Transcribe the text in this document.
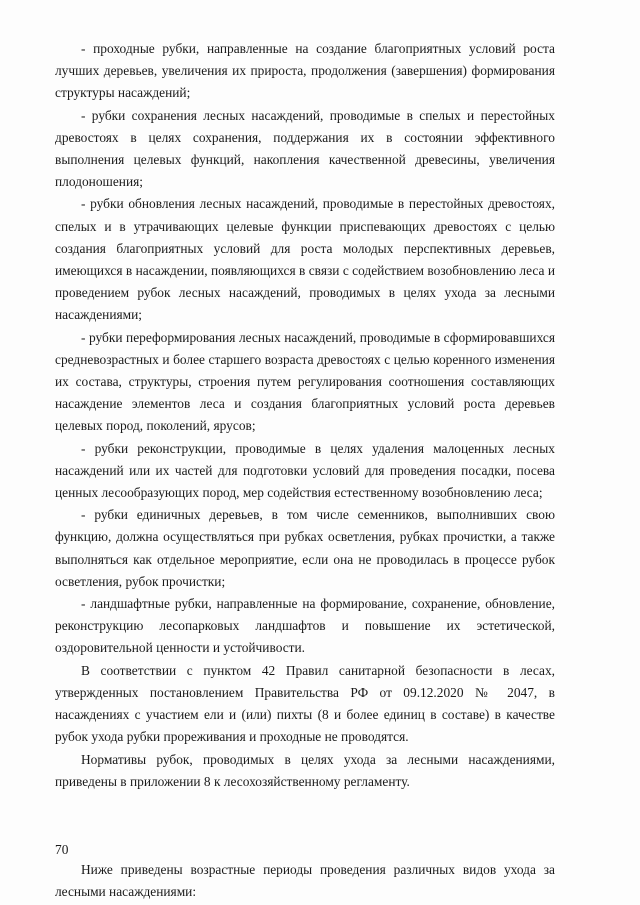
- проходные рубки, направленные на создание благоприятных условий роста лучших деревьев, увеличения их прироста, продолжения (завершения) формирования структуры насаждений;

- рубки сохранения лесных насаждений, проводимые в спелых и перестойных древостоях в целях сохранения, поддержания их в состоянии эффективного выполнения целевых функций, накопления качественной древесины, увеличения плодоношения;

- рубки обновления лесных насаждений, проводимые в перестойных древостоях, спелых и в утрачивающих целевые функции приспевающих древостоях с целью создания благоприятных условий для роста молодых перспективных деревьев, имеющихся в насаждении, появляющихся в связи с содействием возобновлению леса и проведением рубок лесных насаждений, проводимых в целях ухода за лесными насаждениями;

- рубки переформирования лесных насаждений, проводимые в сформировавшихся средневозрастных и более старшего возраста древостоях с целью коренного изменения их состава, структуры, строения путем регулирования соотношения составляющих насаждение элементов леса и создания благоприятных условий роста деревьев целевых пород, поколений, ярусов;

- рубки реконструкции, проводимые в целях удаления малоценных лесных насаждений или их частей для подготовки условий для проведения посадки, посева ценных лесообразующих пород, мер содействия естественному возобновлению леса;

- рубки единичных деревьев, в том числе семенников, выполнивших свою функцию, должна осуществляться при рубках осветления, рубках прочистки, а также выполняться как отдельное мероприятие, если она не проводилась в процессе рубок осветления, рубок прочистки;

- ландшафтные рубки, направленные на формирование, сохранение, обновление, реконструкцию лесопарковых ландшафтов и повышение их эстетической, оздоровительной ценности и устойчивости.

В соответствии с пунктом 42 Правил санитарной безопасности в лесах, утвержденных постановлением Правительства РФ от 09.12.2020 № 2047, в насаждениях с участием ели и (или) пихты (8 и более единиц в составе) в качестве рубок ухода рубки прореживания и проходные не проводятся.

Нормативы рубок, проводимых в целях ухода за лесными насаждениями, приведены в приложении 8 к лесохозяйственному регламенту.

Ниже приведены возрастные периоды проведения различных видов ухода за лесными насаждениями:

70
